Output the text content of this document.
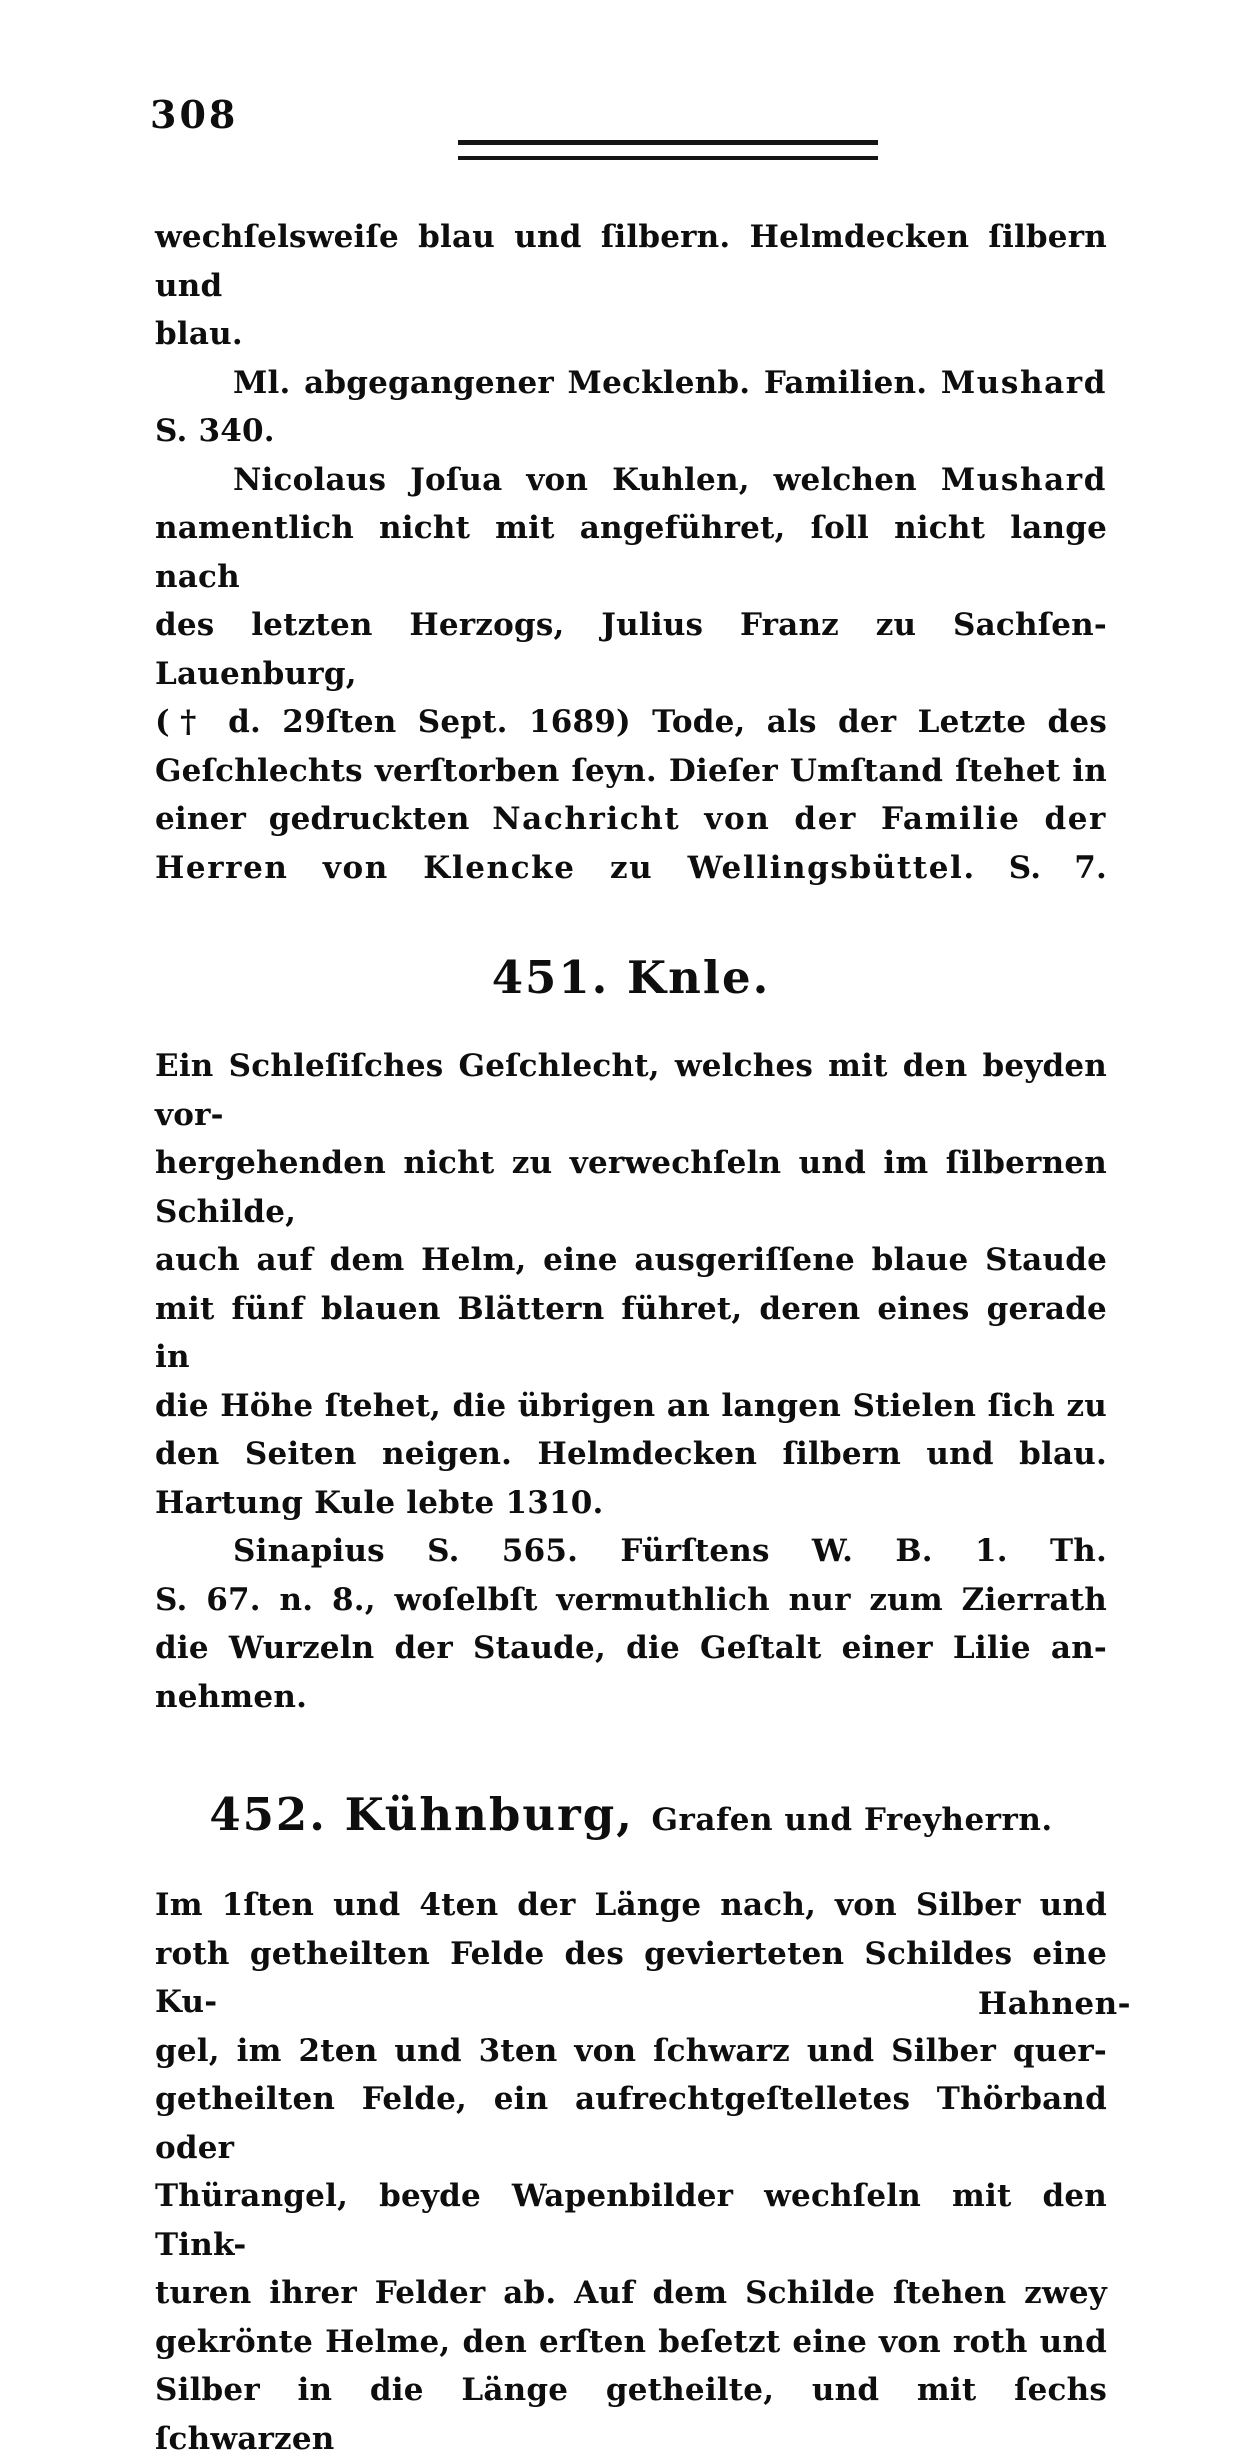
308
wechſelsweiſe blau und ſilbern. Helmdecken ſilbern und
blau.
Ml. abgegangener Mecklenb. Familien. Mushard
S. 340.
Nicolaus Joſua von Kuhlen, welchen Mushard
namentlich nicht mit angeführet, ſoll nicht lange nach
des letzten Herzogs, Julius Franz zu Sachſen-Lauenburg,
(† d. 29ſten Sept. 1689) Tode, als der Letzte des
Geſchlechts verſtorben ſeyn. Dieſer Umſtand ſtehet in
einer gedruckten Nachricht von der Familie der
Herren von Klencke zu Wellingsbüttel. S. 7.
451. Knle.
Ein Schleſiſches Geſchlecht, welches mit den beyden vor-
hergehenden nicht zu verwechſeln und im ſilbernen Schilde,
auch auf dem Helm, eine ausgeriſſene blaue Staude
mit fünf blauen Blättern führet, deren eines gerade in
die Höhe ſtehet, die übrigen an langen Stielen ſich zu
den Seiten neigen. Helmdecken ſilbern und blau.
Hartung Kule lebte 1310.
Sinapius S. 565. Fürſtens W. B. 1. Th.
S. 67. n. 8., woſelbſt vermuthlich nur zum Zierrath
die Wurzeln der Staude, die Geſtalt einer Lilie an-
nehmen.
452. Kühnburg, Grafen und Freyherrn.
Im 1ſten und 4ten der Länge nach, von Silber und
roth getheilten Felde des gevierteten Schildes eine Ku-
gel, im 2ten und 3ten von ſchwarz und Silber quer-
getheilten Felde, ein aufrechtgeſtelletes Thörband oder
Thürangel, beyde Wapenbilder wechſeln mit den Tink-
turen ihrer Felder ab. Auf dem Schilde ſtehen zwey
gekrönte Helme, den erſten beſetzt eine von roth und
Silber in die Länge getheilte, und mit ſechs ſchwarzen
Hahnen-
